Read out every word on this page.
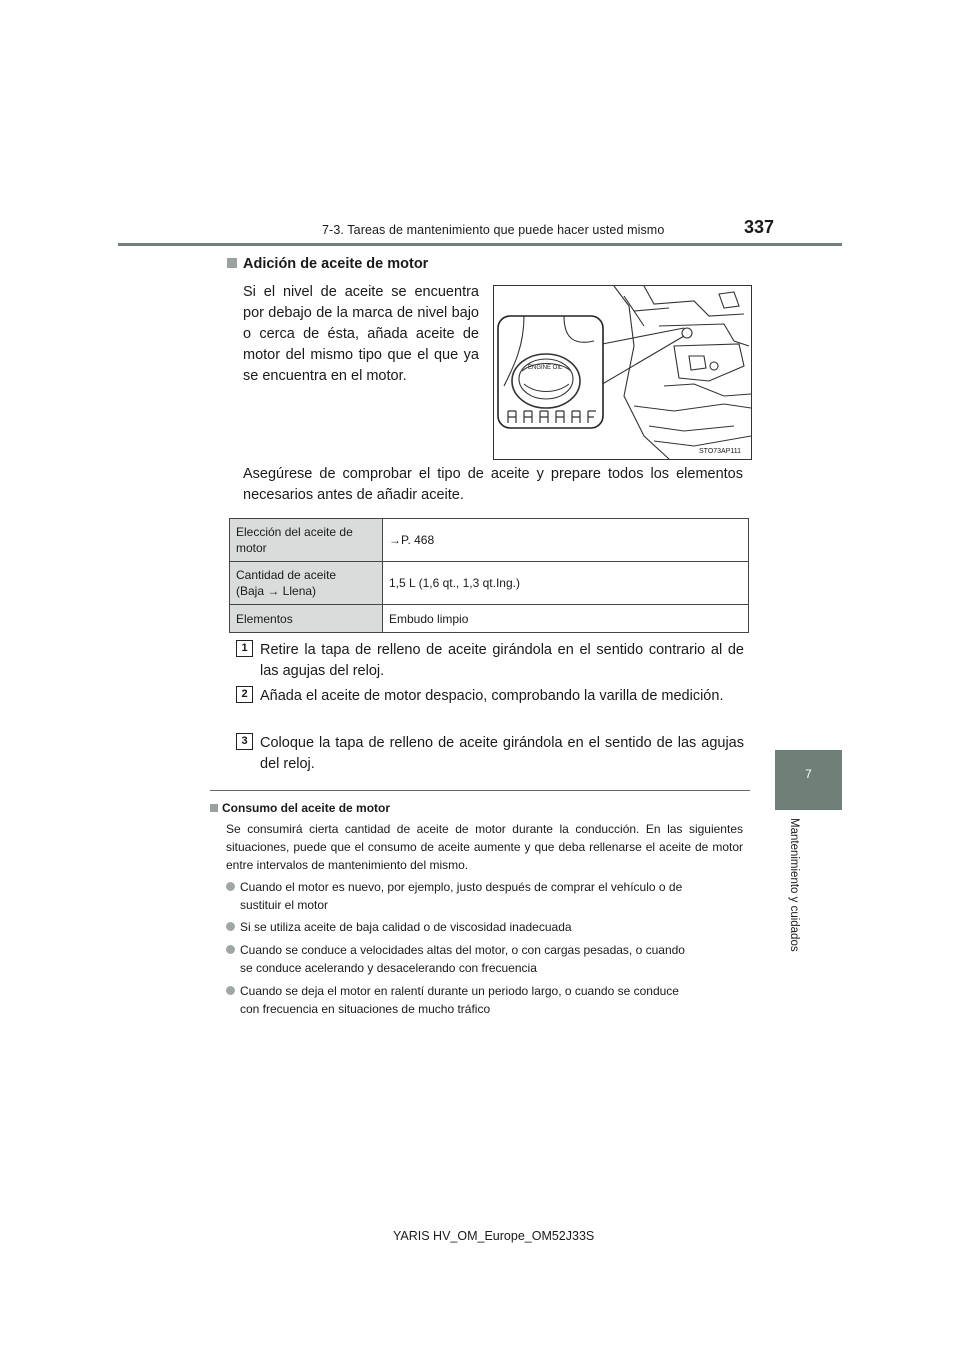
7-3. Tareas de mantenimiento que puede hacer usted mismo	337
7
Mantenimiento y cuidados
Adición de aceite de motor
Si el nivel de aceite se encuentra por debajo de la marca de nivel bajo o cerca de ésta, añada aceite de motor del mismo tipo que el que ya se encuentra en el motor.	ENGINE OIL
STO73AP111
Asegúrese de comprobar el tipo de aceite y prepare todos los elementos necesarios antes de añadir aceite.
Elección del aceite de motor	→P. 468
Cantidad de aceite
(Baja → Llena)	1,5 L (1,6 qt., 1,3 qt.Ing.)
Elementos	Embudo limpio
1 Retire la tapa de relleno de aceite girándola en el sentido contrario al de las agujas del reloj.
2 Añada el aceite de motor despacio, comprobando la varilla de medición.
3 Coloque la tapa de relleno de aceite girándola en el sentido de las agujas del reloj.
Consumo del aceite de motor
Se consumirá cierta cantidad de aceite de motor durante la conducción. En las siguientes situaciones, puede que el consumo de aceite aumente y que deba rellenarse el aceite de motor entre intervalos de mantenimiento del mismo.
Cuando el motor es nuevo, por ejemplo, justo después de comprar el vehículo o de
sustituir el motor
Si se utiliza aceite de baja calidad o de viscosidad inadecuada
Cuando se conduce a velocidades altas del motor, o con cargas pesadas, o cuando
se conduce acelerando y desacelerando con frecuencia
Cuando se deja el motor en ralentí durante un periodo largo, o cuando se conduce
con frecuencia en situaciones de mucho tráfico
YARIS HV_OM_Europe_OM52J33S
